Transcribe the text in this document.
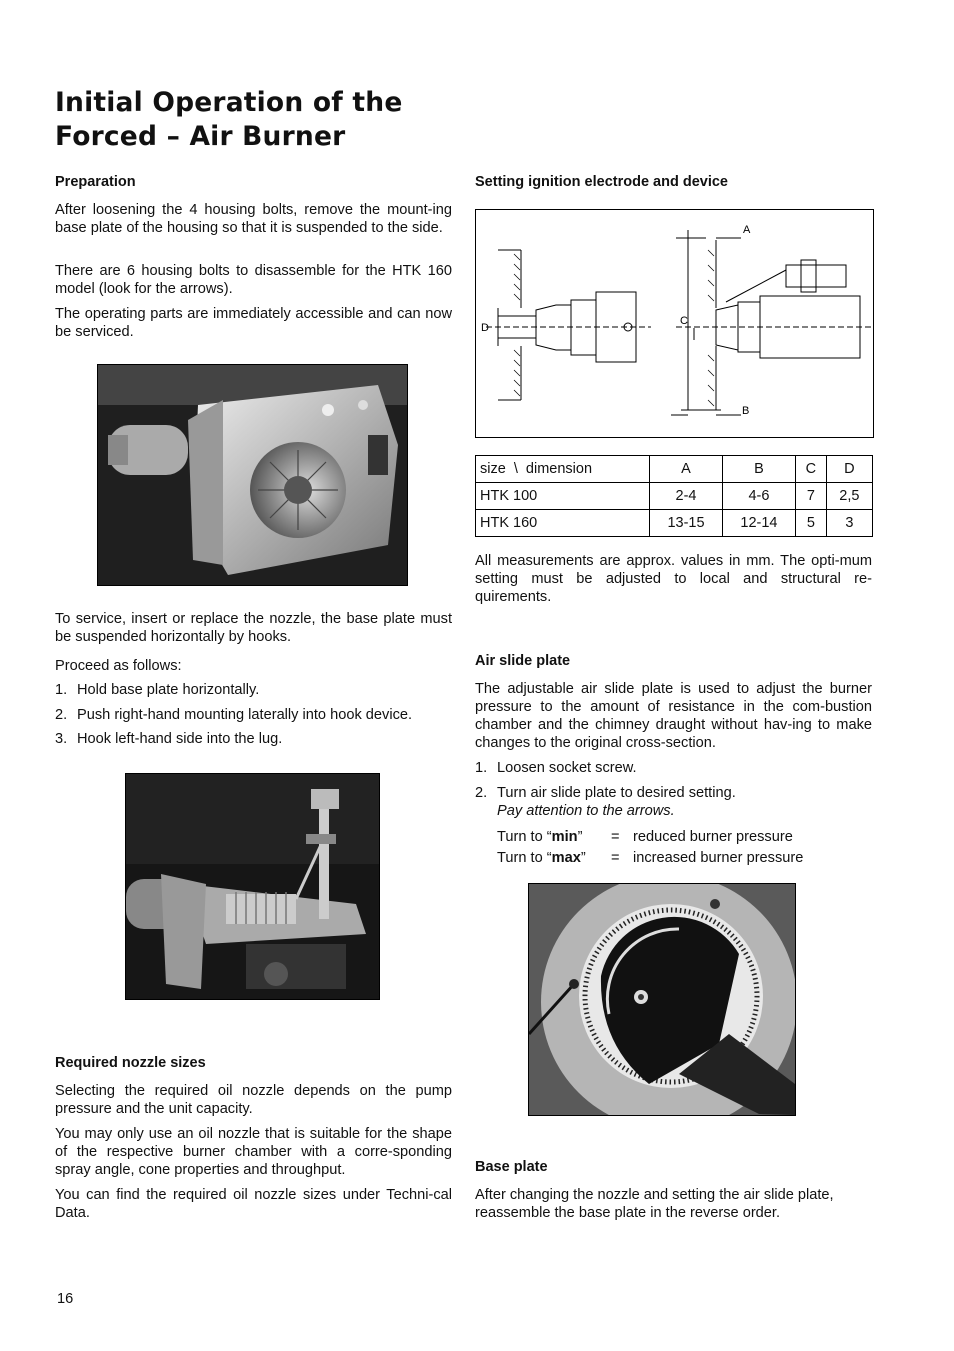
Initial Operation of the
Forced – Air Burner
Preparation
After loosening the 4 housing bolts, remove the mount-ing base plate of the housing so that it is suspended to the side.
There are 6 housing bolts to disassemble for the HTK 160 model (look for the arrows).
The operating parts are immediately accessible and can now be serviced.
To service, insert or replace the nozzle, the base plate must be suspended horizontally by hooks.
Proceed as follows:
1. Hold base plate horizontally.
2. Push right-hand mounting laterally into hook device.
3. Hook left-hand side into the lug.
Required nozzle sizes
Selecting the required oil nozzle depends on the pump pressure and the unit capacity.
You may only use an oil nozzle that is suitable for the shape of the respective burner chamber with a corre-sponding spray angle, cone properties and throughput.
You can find the required oil nozzle sizes under Techni-cal Data.
Setting ignition electrode and device
A
B
C
D
size  \  dimension	A	B	C	D
HTK 100	2-4	4-6	7	2,5
HTK 160	13-15	12-14	5	3
All measurements are approx. values in mm. The opti-mum setting must be adjusted to local and structural re-quirements.
Air slide plate
The adjustable air slide plate is used to adjust the burner pressure to the amount of resistance in the com-bustion chamber and the chimney draught without hav-ing to make changes to the original cross-section.
1. Loosen socket screw.
2. Turn air slide plate to desired setting.
Pay attention to the arrows.
Turn to “min” = reduced burner pressure
Turn to “max” = increased burner pressure
Base plate
After changing the nozzle and setting the air slide plate, reassemble the base plate in the reverse order.
16
